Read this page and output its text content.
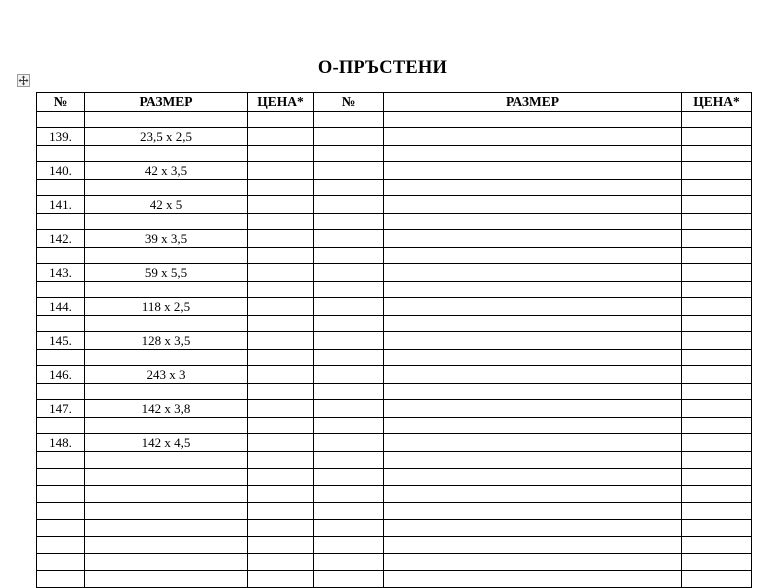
О-ПРЪСТЕНИ
№	РАЗМЕР	ЦЕНА*	№	РАЗМЕР	ЦЕНА*

139.	23,5 x 2,5				

140.	42 x 3,5				

141.	42 x 5				

142.	39 x 3,5				

143.	59 x 5,5				

144.	118 x 2,5				

145.	128 x 3,5				

146.	243 x 3				

147.	142 x 3,8				

148.	142 x 4,5				
